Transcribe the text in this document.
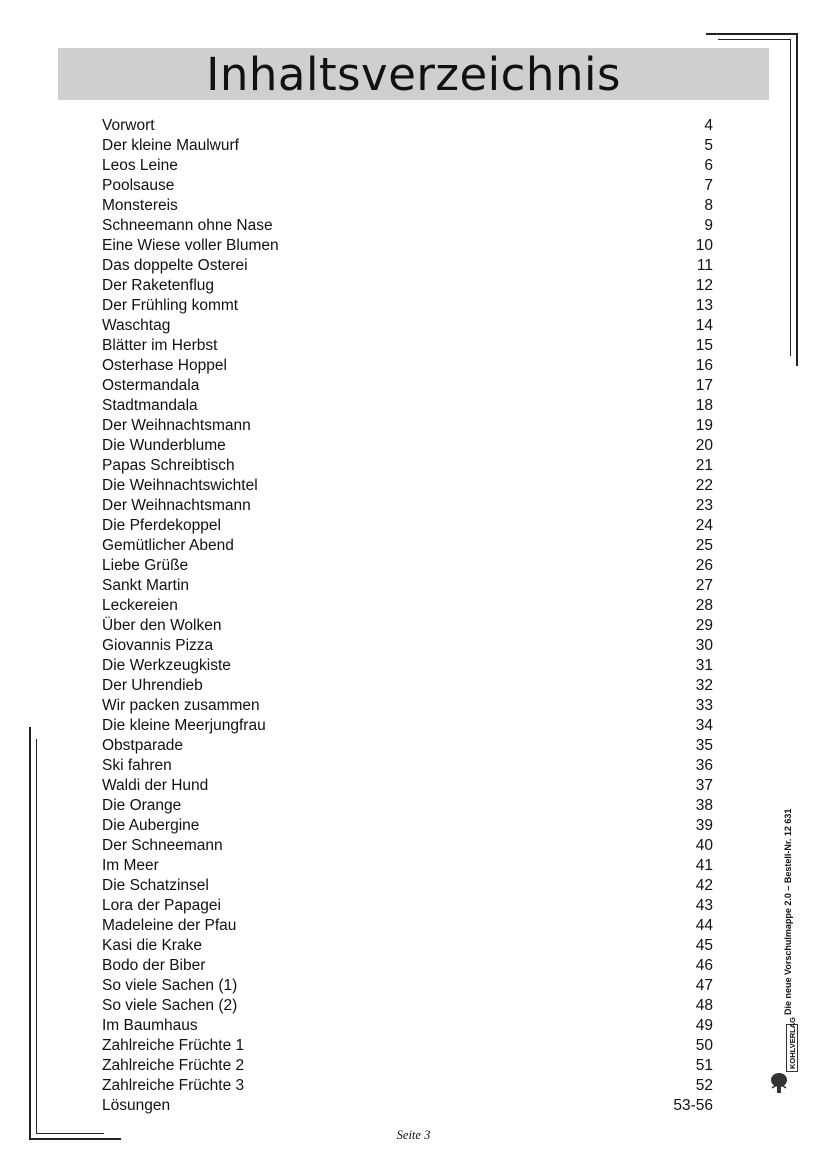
Inhaltsverzeichnis
Vorwort	4
Der kleine Maulwurf	5
Leos Leine	6
Poolsause	7
Monstereis	8
Schneemann ohne Nase	9
Eine Wiese voller Blumen	10
Das doppelte Osterei	11
Der Raketenflug	12
Der Frühling kommt	13
Waschtag	14
Blätter im Herbst	15
Osterhase Hoppel	16
Ostermandala	17
Stadtmandala	18
Der Weihnachtsmann	19
Die Wunderblume	20
Papas Schreibtisch	21
Die Weihnachtswichtel	22
Der Weihnachtsmann	23
Die Pferdekoppel	24
Gemütlicher Abend	25
Liebe Grüße	26
Sankt Martin	27
Leckereien	28
Über den Wolken	29
Giovannis Pizza	30
Die Werkzeugkiste	31
Der Uhrendieb	32
Wir packen zusammen	33
Die kleine Meerjungfrau	34
Obstparade	35
Ski fahren	36
Waldi der Hund	37
Die Orange	38
Die Aubergine	39
Der Schneemann	40
Im Meer	41
Die Schatzinsel	42
Lora der Papagei	43
Madeleine der Pfau	44
Kasi die Krake	45
Bodo der Biber	46
So viele Sachen (1)	47
So viele Sachen (2)	48
Im Baumhaus	49
Zahlreiche Früchte 1	50
Zahlreiche Früchte 2	51
Zahlreiche Früchte 3	52
Lösungen	53-56
Die neue Vorschulmappe 2.0 – Bestell-Nr. 12 631
KOHLVERLAG
Seite 3
